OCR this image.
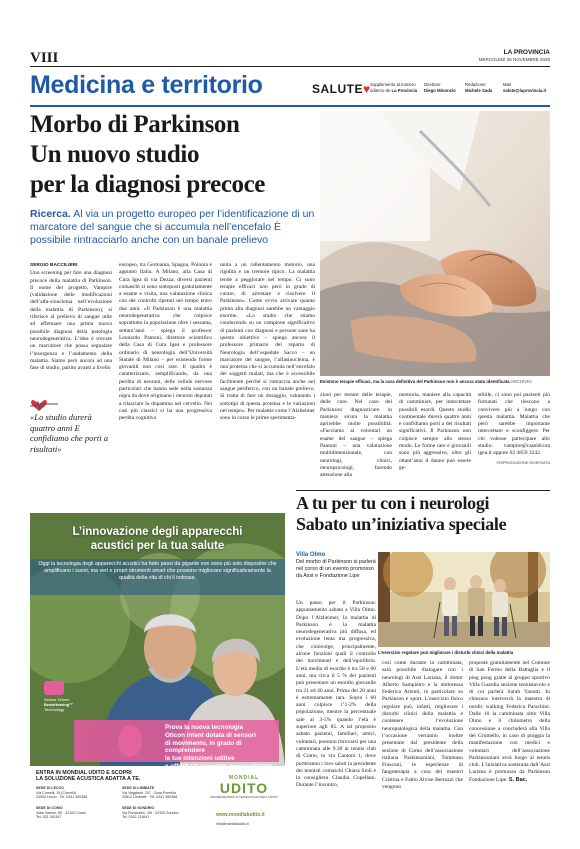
VIII	LA PROVINCIA
MERCOLEDÌ 26 NOVEMBRE 2025
Medicina e territorio	SALUTE♥ Supplemento al numero
odierno de La Provincia
Direttore
Diego Minonzio
Redazione
Michele Sada
Mail
salute@laprovincia.it
Morbo di Parkinson
Un nuovo studio
per la diagnosi precoce
Esistono terapie efficaci, ma la cura definitiva del Parkinson non è ancora stata identificata ARCHIVIO
Ricerca. Al via un progetto europeo per l’identificazione di un marcatore del sangue che si accumula nell’encefalo È possibile rintracciarlo anche con un banale prelievo
SERGIO BACCILIERI
Uno screening per fare una diagnosi precoce della malattia di Parkinson. Il nome del progetto, Vampire (validazione delle modificazioni dell’alfa-sinucleina nell’evoluzione della malattia di Parkinson), si riferisce al prelievo di sangue utile ad effettuare una prima nuova possibile diagnosi della patologia neurodegenerativa. L’idea è trovare un marcatore che possa segnalare l’insorgenza e l’andamento della malattia. Siamo però ancora ad una fase di studio, partito avanti a livello
«Lo studio durerà quattro anni E confidiamo che porti a risultati»
europeo, tra Germania, Spagna, Polonia e appunto Italia. A Milano, alla Casa di Cura Igea di via Dezza, diversi pazienti comaschi si sono sottoposti gratuitamente a esame e visita, una valutazione clinica con dei controlli ripetuti nel tempo entro due anni. «Il Parkinson è una malattia neurodegenerativa che colpisce soprattutto la popolazione oltre i sessanta, settant’anni – spiega il professor Leonardo Pantoni, direttore scientifico della Casa di Cura Igea e professore ordinario di neurologia dell’Università Statale di Milano – per esistendo forme giovanili non così rare. Il quadro è caratterizzato, semplificando, da una perdita di neuroni, delle cellule nervose particolari che hanno sede nella sostanza nigra da dove originano i neuroni deputati a rilasciare la dopamina nel cervello. Nei casi più classici si ha una progressiva perdita cognitiva
unita a un rallentamento motorio, una rigidità e un tremore tipico. La malattia tende a peggiorare nel tempo. Ci sono terapie efficaci non però in grado di curare, di arrestare e risolvere il Parkinson». Come ovvio arrivare quanto prima alla diagnosi sarebbe un vantaggio enorme. «Lo studio che stiamo conducendo su un campione significativo di pazienti con diagnosi e persone sane ha questo obiettivo – spiega ancora il professore primario del reparto di Neurologia dell’ospedale Sacco – un marcatore del sangue, l’alfasinucleina, è una proteina che si accumula nell’encefalo dei soggetti malati, ma che è accessibile facilmente perché si rintraccia anche nel sangue periferico, con un banale prelievo. Si tratta di fare un dosaggio, valutando i sottotipi di questa proteina e le variazioni nel tempo». Per malattie come l’Alzheimer sono in corso le prime sperimenta-
zioni per testare delle terapie, delle cure. Nel caso del Parkinson diagnosticare in maniera sicura la malattia aprirebbe molte possibilità. «Facciamo ai volontari un esame del sangue – spiega Pantoni – una valutazione multidimensionale, con neurologi, clinici, neuropsicologi, facendo attenzione alla
memoria, maniere alla capacità di camminare, per intercettare possibili esordi. Questo studio continentale durerà quattro anni e confidiamo porti a dei risultati significativi. Il Parkinson non colpisce sempre allo stesso modo. Le forme rare e giovanili sono più aggressive, oltre gli ottant’anni il danno può essere ge-
stibile, ci sono poi pazienti più fortunati che riescono a convivere più a lungo con questa malattia. Malattia che però sarebbe importante intercettare e sconfiggere. Per chi volesse partecipare allo studio: vampire@caseidcura igea.it oppure 02 4859 3242.
©RIPRODUZIONE RISERVATA
L’innovazione degli apparecchi
acustici per la tua salute
Oggi la tecnologia degli apparecchi acustici ha fatto passi da gigante non sono più solo dispositivi che amplificano i suoni, ma veri e propri strumenti smart che possono migliorare significativamente la qualità della vita di chi li indossa.
Sensor Driven
BrainHearing™
Technology
Prova la nuova tecnologia
Oticon Intent dotata di sensori
di movimento, in grado di comprendere
le tue intenzioni uditive
ENTRA IN MONDIAL UDITO E SCOPRI
LA SOLUZIONE ACUSTICA ADATTA A TE.
SEDE DI LECCO
Via Cornelli, 15 (Cornelli)
23900 Lecco · Tel. 0341 360388
SEDE DI LIMBIATE
Via Veggianti, 2/C · Zona Pomella
20812 Limbiate · Tel. 0341 360388
SEDE DI COMO
Viale Varese, 85 · 22100 Como
Tel. 031 261167
SEDE DI SONDRIO
Via Parravicini, 4/6 · 23100 Sondrio
Tel. 0342 211641
MONDIAL
UDITO
PROFESSIONISTI E TECNOLOGIA PER L’UDITO
www.mondialudito.it
info@mondialudito.it
A tu per tu con i neurologi
Sabato un’iniziativa speciale
Villa Olmo
Del morbo di Parkinson si parlerà nel corso di un evento promosso da Asst e Fondazione Lipe
L’esercizio regolare può migliorare i disturbi clinici della malattia
Un passo per il Parkinson: appuntamento sabato a Villa Olmo. Dopo l’Alzheimer, la malattia di Parkinson è la malattia neurodegenerativa più diffusa, ed evoluzione lenta ma progressiva, che coinvolge, principalmente, alcune funzioni quali il controllo dei movimenti e dell’equilibrio. L’età media di esordio è tra 58 e 60 anni, ma circa il 5 % dei pazienti può presentare un esordio giovanile tra 21 ed 40 anni. Prima dei 20 anni è estremamente rara. Sopra i 60 anni colpisce l’1-2% della popolazione, mentre la percentuale sale al 3-5% quando l’età è superiore agli 85. A tal proposito sabato pazienti, familiari, amici, volontari, possono ritrovarsi per una camminata alle 9.30 ai tennis club di Como, in via Cantoni 1, dove porteranno i loro saluti la presidente dei tennisti comaschi Chiara Sioli e la consigliera Claudia Copellani. Durante l’incontro,
così come durante la camminata, sarà possibile dialogare con i neurologi di Asst Lariana, il dottor Alberto Sampietro e la dottoressa Federica Arienti, in particolare su Parkinson e sport. L’esercizio fisico regolare può, infatti, migliorare i disturbi clinici della malattia e contenere l’evoluzione neuropatologica della malattia. Con l’occasione verranno inoltre presentate dal presidente della sezione di Como dell’associazione italiana Parkinsoniani, Tommaso Frasconi, le esperienze di fangoterapia a cura dei maestri Cristina e Fabio Alvise Bertuzzi che vengono
proposte gratuitamente nel Comune di San Fermo della Battaglia e il ping pong gratie al gruppo sportivo Villa Guardia sezione tennistavolo e di cui parlerà Sarah Vanotti. In chiusura interverrà la maestra di nordic walking Federica Parachini. Dalle 10 la camminata oltre Villa Olmo e il chilometro della concessione a concluderà alla Villa del Grumello, in caso di pioggia la manifestazione con medici e volontari dell’associazione Parkinsoniani avrà luogo al tennis club. L’iniziativa sostenuta dall’Asst Lariana è promossa da Parkinson Fondazione Lipe. S. Bac.
